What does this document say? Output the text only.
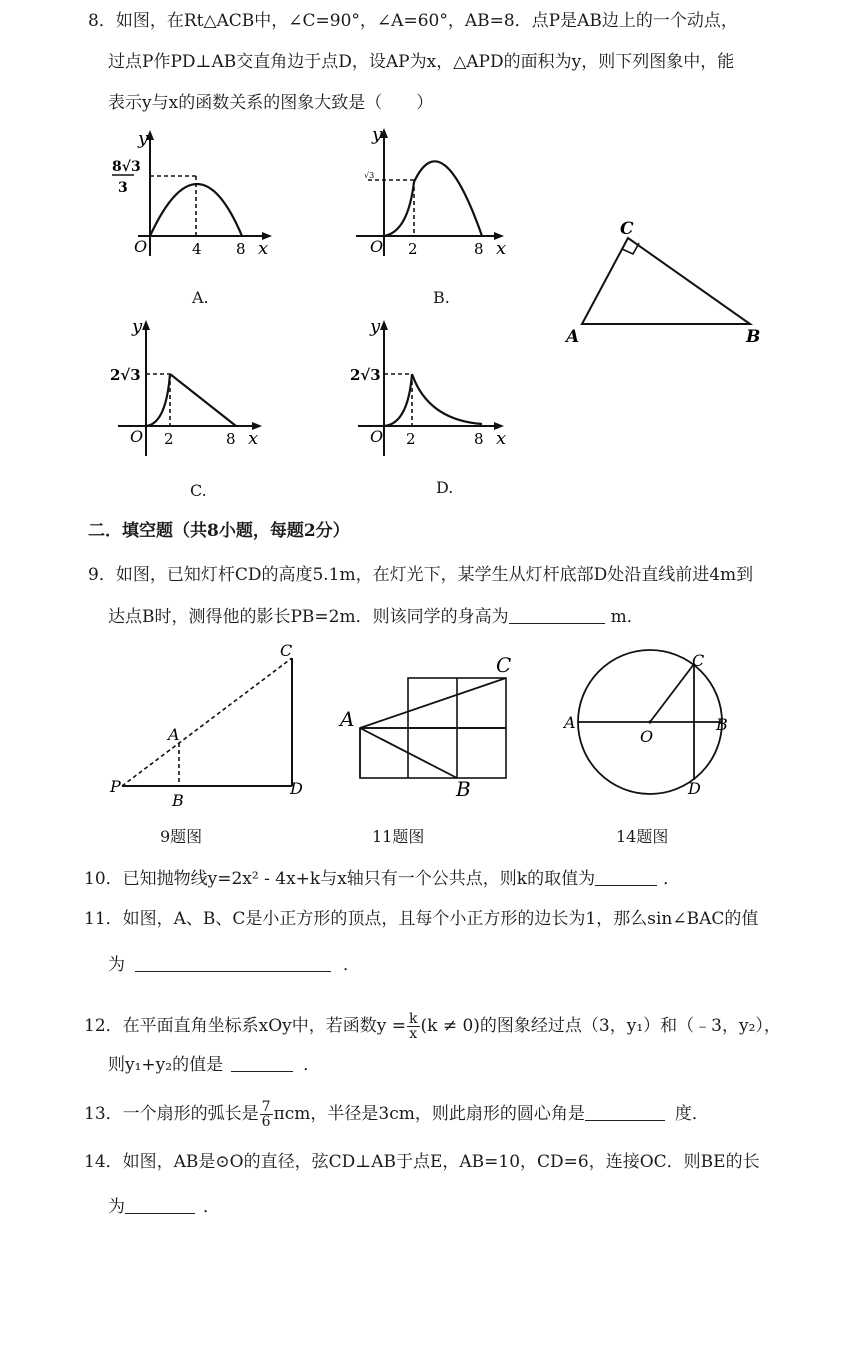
8．如图，在Rt△ACB中，∠C=90°，∠A=60°，AB=8．点P是AB边上的一个动点，
过点P作PD⊥AB交直角边于点D，设AP为x，△APD的面积为y，则下列图象中，能
表示y与x的函数关系的图象大致是（　　）
y
8√3
3
O	4 8 x
A.
y
√3
O 2	8 x
B.
C
A	B
y
2√3
O 2	8 x
C.
y
2√3
O 2	8 x
D.
二．填空题（共8小题，每题2分）
9．如图，已知灯杆CD的高度5.1m，在灯光下，某学生从灯杆底部D处沿直线前进4m到
达点B时，测得他的影长PB=2m．则该同学的身高为	m．
P
A
B
C
D
9题图
A
C
B
11题图
A
O
C
B
D
14题图
10．已知抛物线y=2x² - 4x+k与x轴只有一个公共点，则k的取值为	．
11．如图，A、B、C是小正方形的顶点，且每个小正方形的边长为1，那么sin∠BAC的值
为	．
12．在平面直角坐标系xOy中，若函数$y = \frac{k}{x} (k \ne 0)$的图象经过点（3，y₁）和（﹣3，y₂），
则y₁+y₂的值是	．
13．一个扇形的弧长是 $\frac{7}{6}$ πcm，半径是3cm，则此扇形的圆心角是	度．
14．如图，AB是⊙O的直径，弦CD⊥AB于点E，AB=10，CD=6，连接OC．则BE的长
为	．
